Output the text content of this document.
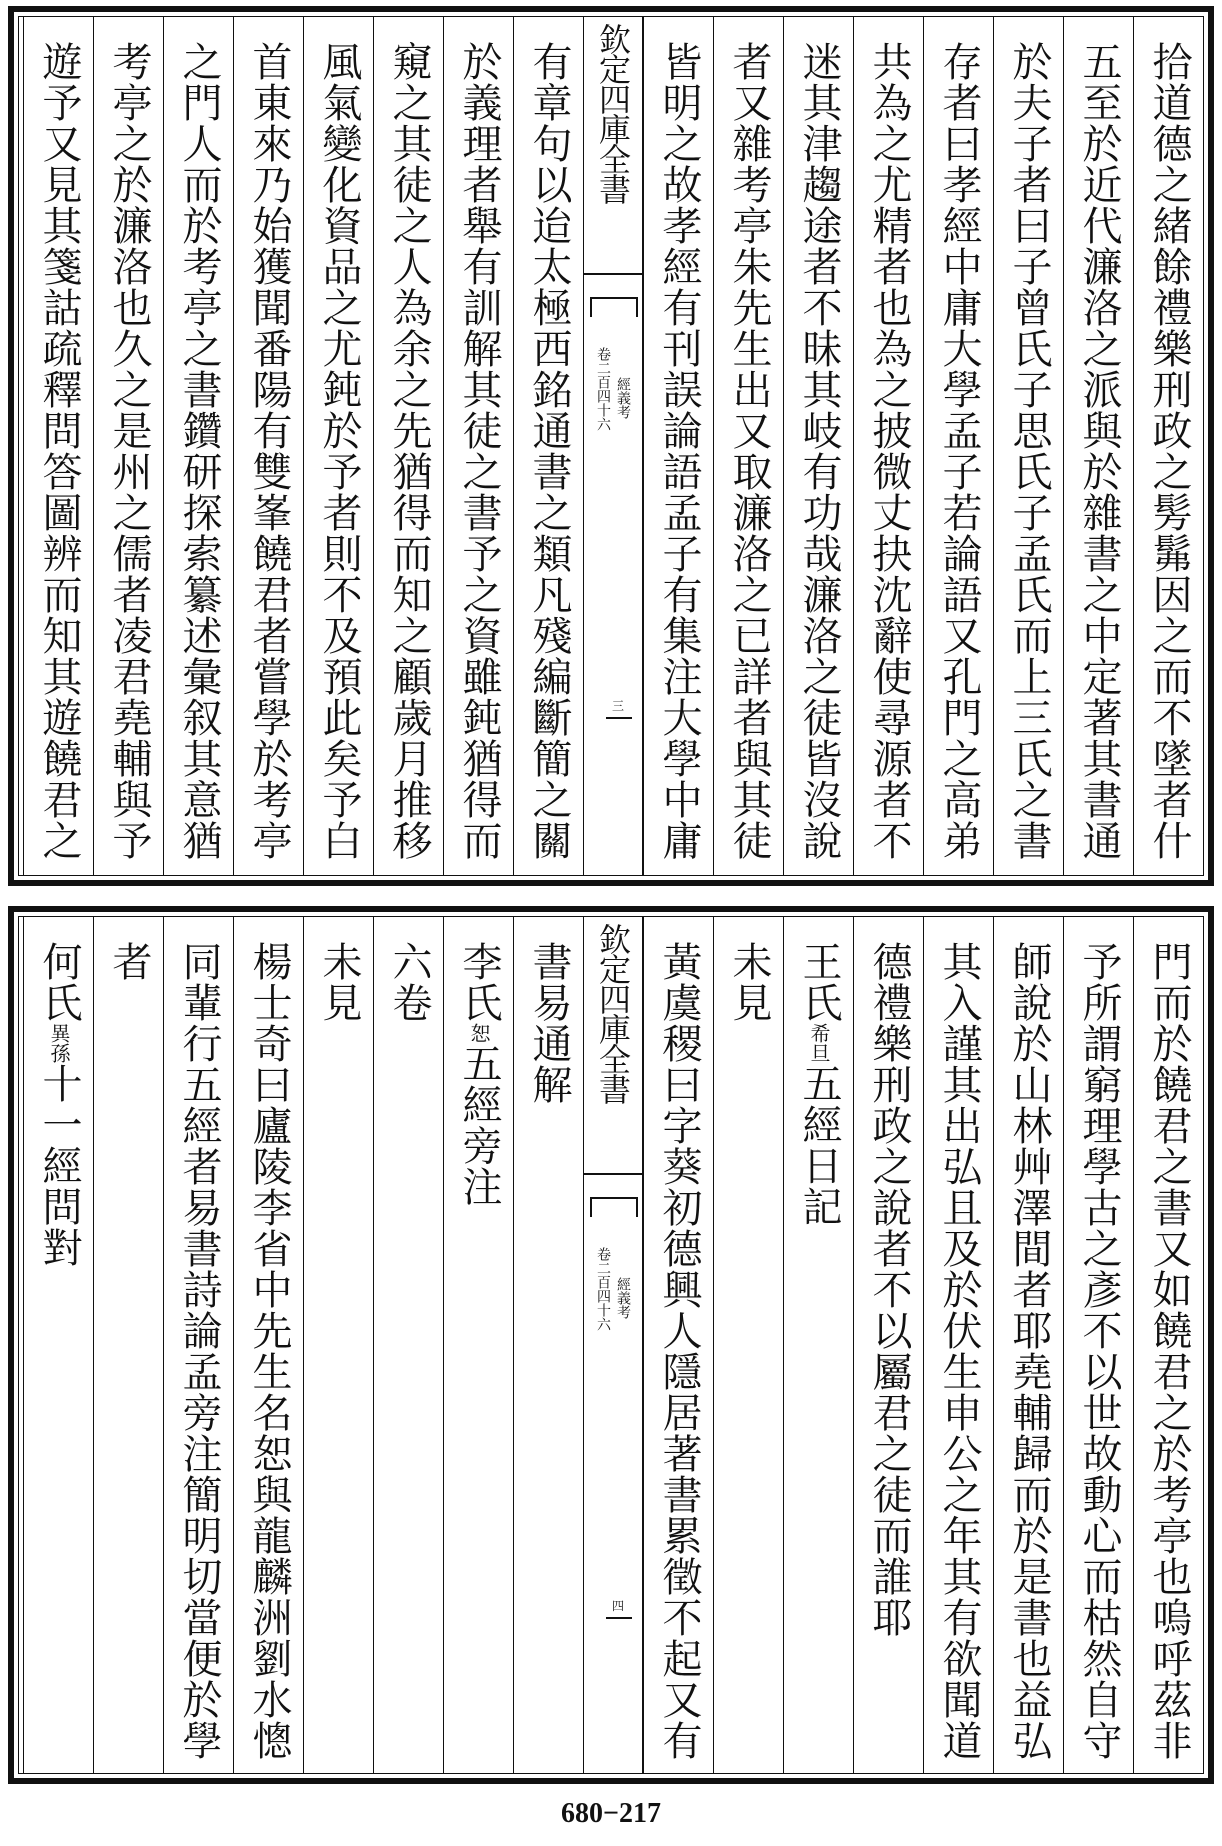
拾道德之緒餘禮樂刑政之髣髴因之而不墜者什
五至於近代濂洛之派與於雜書之中定著其書通
於夫子者曰子曾氏子思氏子孟氏而上三氏之書
存者曰孝經中庸大學孟子若論語又孔門之高弟
共為之尤精者也為之披微丈抉沈辭使尋源者不
迷其津趨途者不昧其岐有功哉濂洛之徒皆沒說
者又雜考亭朱先生出又取濂洛之已詳者與其徒
皆明之故孝經有刊誤論語孟子有集注大學中庸
有章句以迨太極西銘通書之類凡殘編斷簡之關
於義理者舉有訓解其徒之書予之資雖鈍猶得而
窺之其徒之人為余之先猶得而知之顧歲月推移
風氣變化資品之尤鈍於予者則不及預此矣予白
首東來乃始獲聞番陽有雙峯饒君者嘗學於考亭
之門人而於考亭之書鑽研探索纂述彙叙其意猶
考亭之於濂洛也久之是州之儒者凌君堯輔與予
遊予又見其箋詁疏釋問答圖辨而知其遊饒君之	欽定四庫全書
經義考
卷二百四十六
三
門而於饒君之書又如饒君之於考亭也嗚呼茲非
予所謂窮理學古之彥不以世故動心而枯然自守
師說於山林艸澤間者耶堯輔歸而於是書也益弘
其入謹其出弘且及於伏生申公之年其有欲聞道
德禮樂刑政之說者不以屬君之徒而誰耶
王氏希旦五經日記
未見
黃虞稷曰字葵初德興人隱居著書累徵不起又有
書易通解
李氏恕五經旁注
六卷
未見
楊士奇曰廬陵李省中先生名恕與龍麟洲劉水憁
同輩行五經者易書詩論孟旁注簡明切當便於學
者
何氏異孫十一經問對
欽定四庫全書
經義考
卷二百四十六
四
680−217
